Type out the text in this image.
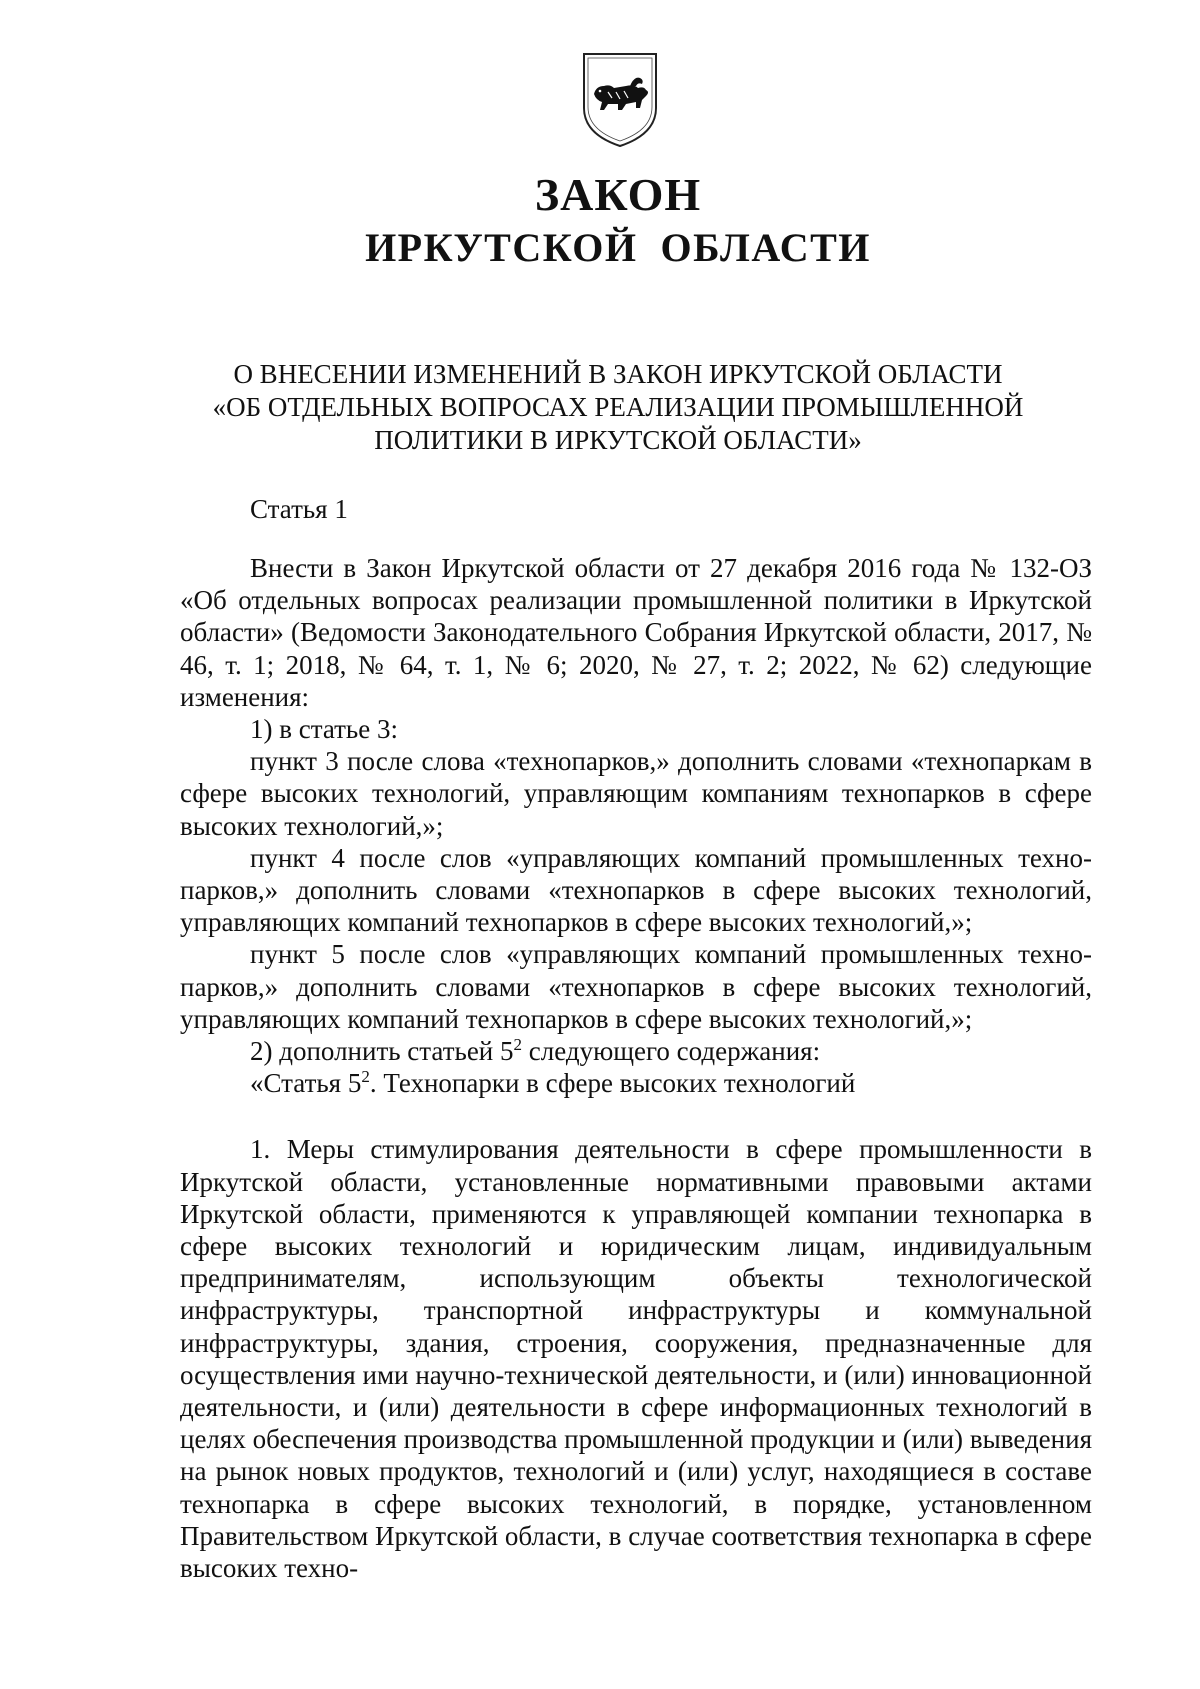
ЗАКОН
ИРКУТСКОЙ  ОБЛАСТИ
О ВНЕСЕНИИ ИЗМЕНЕНИЙ В ЗАКОН ИРКУТСКОЙ ОБЛАСТИ
«ОБ ОТДЕЛЬНЫХ ВОПРОСАХ РЕАЛИЗАЦИИ ПРОМЫШЛЕННОЙ
ПОЛИТИКИ В ИРКУТСКОЙ ОБЛАСТИ»
Статья 1

Внести в Закон Иркутской области от 27 декабря 2016 года № 132-ОЗ «Об отдельных вопросах реализации промышленной политики в Иркутской области» (Ведомости Законодательного Собрания Иркутской области, 2017, № 46, т. 1; 2018, № 64, т. 1, № 6; 2020, № 27, т. 2; 2022, № 62) следующие изменения:

1) в статье 3:

пункт 3 после слова «технопарков,» дополнить словами «технопаркам в сфере высоких технологий, управляющим компаниям технопарков в сфере высоких технологий,»;

пункт 4 после слов «управляющих компаний промышленных техно-парков,» дополнить словами «технопарков в сфере высоких технологий, управляющих компаний технопарков в сфере высоких технологий,»;

пункт 5 после слов «управляющих компаний промышленных техно-парков,» дополнить словами «технопарков в сфере высоких технологий, управляющих компаний технопарков в сфере высоких технологий,»;

2) дополнить статьей $5^2$ следующего содержания:

«Статья $5^2$. Технопарки в сфере высоких технологий

1. Меры стимулирования деятельности в сфере промышленности в Иркутской области, установленные нормативными правовыми актами Иркутской области, применяются к управляющей компании технопарка в сфере высоких технологий и юридическим лицам, индивидуальным предпринимателям, использующим объекты технологической инфраструктуры, транспортной инфраструктуры и коммунальной инфраструктуры, здания, строения, сооружения, предназначенные для осуществления ими научно-технической деятельности, и (или) инновационной деятельности, и (или) деятельности в сфере информационных технологий в целях обеспечения производства промышленной продукции и (или) выведения на рынок новых продуктов, технологий и (или) услуг, находящиеся в составе технопарка в сфере высоких технологий, в порядке, установленном Правительством Иркутской области, в случае соответствия технопарка в сфере высоких техно-
